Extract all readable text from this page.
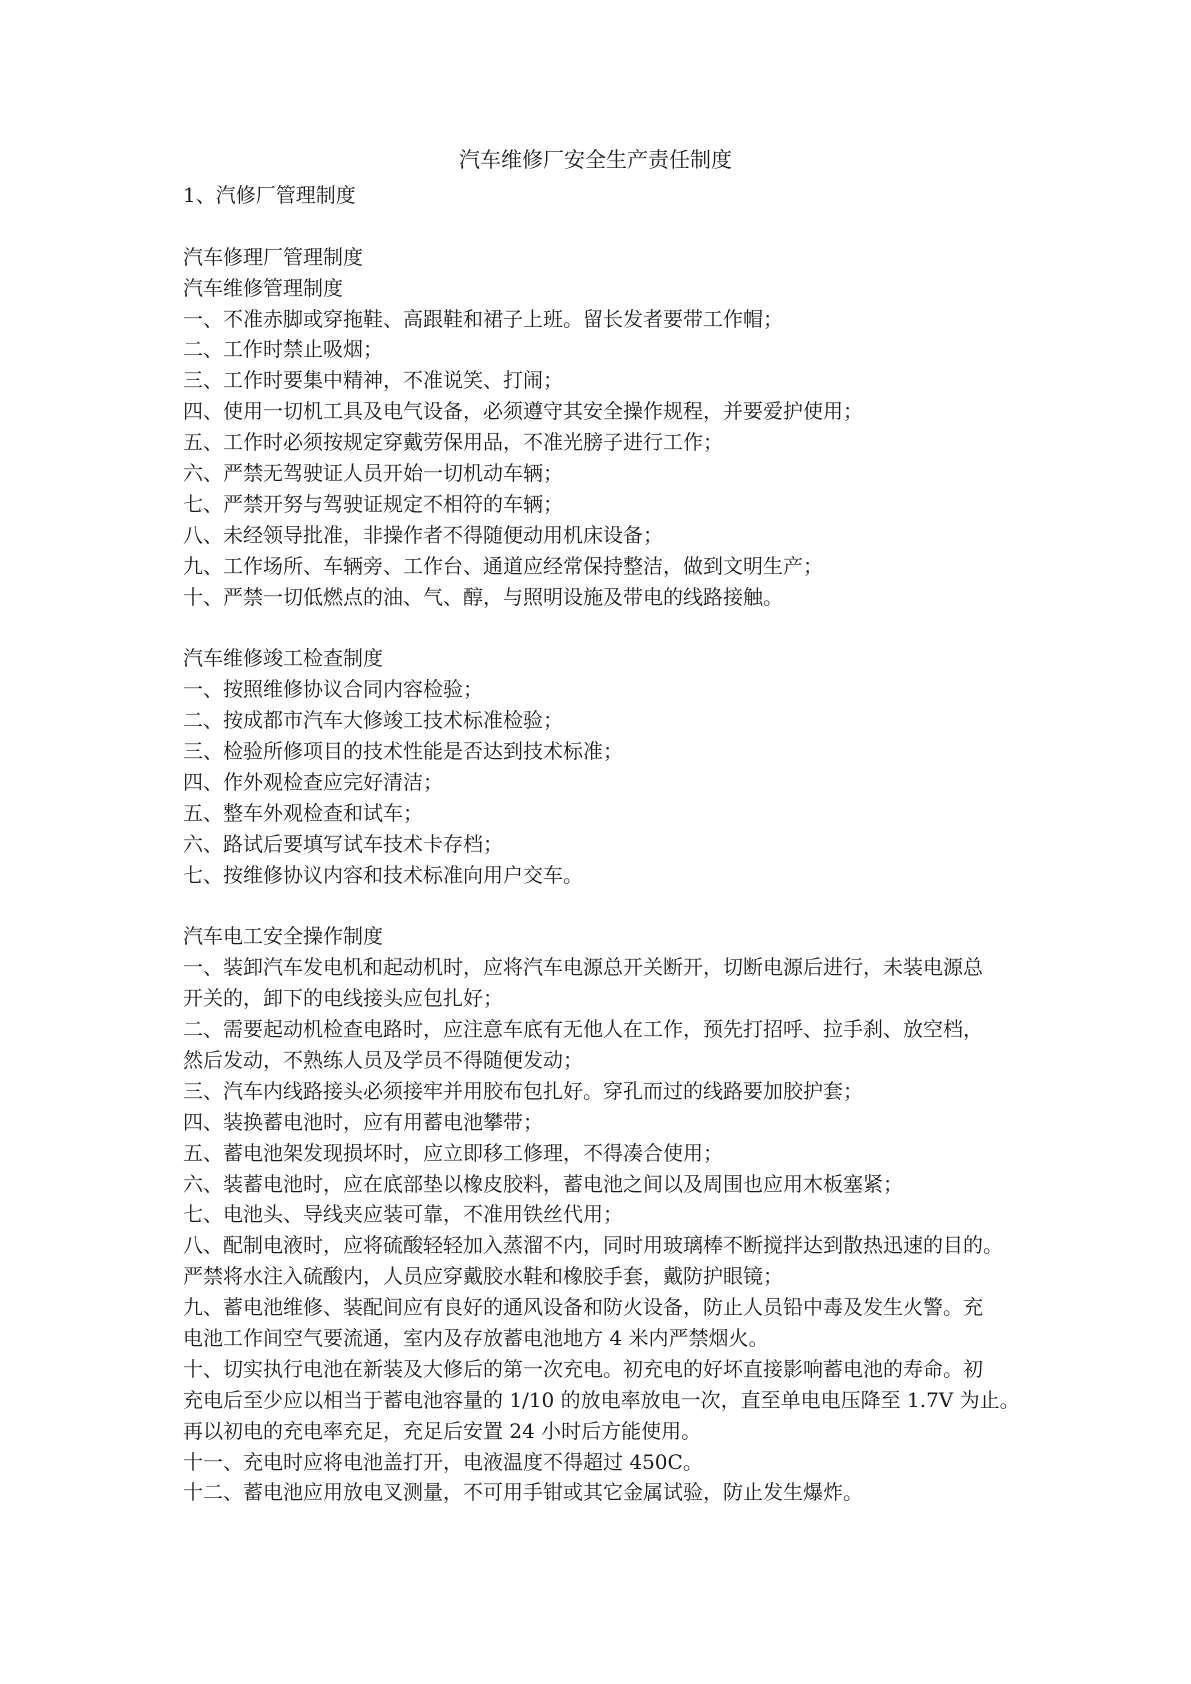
汽车维修厂安全生产责任制度

1、汽修厂管理制度

汽车修理厂管理制度

汽车维修管理制度

一、不准赤脚或穿拖鞋、高跟鞋和裙子上班。留长发者要带工作帽；

二、工作时禁止吸烟；

三、工作时要集中精神，不准说笑、打闹；

四、使用一切机工具及电气设备，必须遵守其安全操作规程，并要爱护使用；

五、工作时必须按规定穿戴劳保用品，不准光膀子进行工作；

六、严禁无驾驶证人员开始一切机动车辆；

七、严禁开努与驾驶证规定不相符的车辆；

八、未经领导批准，非操作者不得随便动用机床设备；

九、工作场所、车辆旁、工作台、通道应经常保持整洁，做到文明生产；

十、严禁一切低燃点的油、气、醇，与照明设施及带电的线路接触。

汽车维修竣工检查制度

一、按照维修协议合同内容检验；

二、按成都市汽车大修竣工技术标准检验；

三、检验所修项目的技术性能是否达到技术标准；

四、作外观检查应完好清洁；

五、整车外观检查和试车；

六、路试后要填写试车技术卡存档；

七、按维修协议内容和技术标准向用户交车。

汽车电工安全操作制度

一、装卸汽车发电机和起动机时，应将汽车电源总开关断开，切断电源后进行，未装电源总

开关的，卸下的电线接头应包扎好；

二、需要起动机检查电路时，应注意车底有无他人在工作，预先打招呼、拉手刹、放空档，

然后发动，不熟练人员及学员不得随便发动；

三、汽车内线路接头必须接牢并用胶布包扎好。穿孔而过的线路要加胶护套；

四、装换蓄电池时，应有用蓄电池攀带；

五、蓄电池架发现损坏时，应立即移工修理，不得凑合使用；

六、装蓄电池时，应在底部垫以橡皮胶料，蓄电池之间以及周围也应用木板塞紧；

七、电池头、导线夹应装可靠，不准用铁丝代用；

八、配制电液时，应将硫酸轻轻加入蒸溜不内，同时用玻璃棒不断搅拌达到散热迅速的目的。

严禁将水注入硫酸内，人员应穿戴胶水鞋和橡胶手套，戴防护眼镜；

九、蓄电池维修、装配间应有良好的通风设备和防火设备，防止人员铅中毒及发生火警。充

电池工作间空气要流通，室内及存放蓄电池地方 4 米内严禁烟火。

十、切实执行电池在新装及大修后的第一次充电。初充电的好坏直接影响蓄电池的寿命。初

充电后至少应以相当于蓄电池容量的 1/10 的放电率放电一次，直至单电电压降至 1.7V 为止。

再以初电的充电率充足，充足后安置 24 小时后方能使用。

十一、充电时应将电池盖打开，电液温度不得超过 450C。

十二、蓄电池应用放电叉测量，不可用手钳或其它金属试验，防止发生爆炸。
